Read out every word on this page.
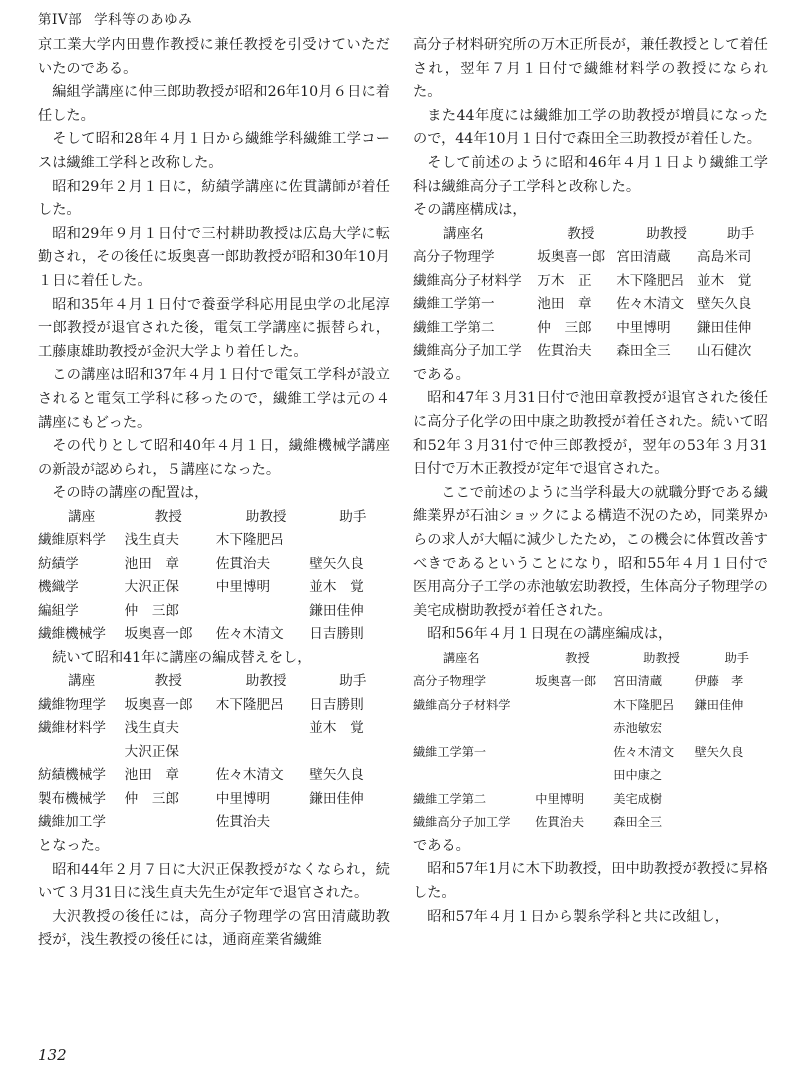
第IV部 学科等のあゆみ

京工業大学内田豊作教授に兼任教授を引受けていただいたのである。

編組学講座に仲三郎助教授が昭和26年10月６日に着任した。

そして昭和28年４月１日から繊維学科繊維工学コースは繊維工学科と改称した。

昭和29年２月１日に，紡績学講座に佐貫講師が着任した。

昭和29年９月１日付で三村耕助教授は広島大学に転勤され，その後任に坂奥喜一郎助教授が昭和30年10月１日に着任した。

昭和35年４月１日付で養蚕学科応用昆虫学の北尾淳一郎教授が退官された後，電気工学講座に振替られ，工藤康雄助教授が金沢大学より着任した。

この講座は昭和37年４月１日付で電気工学科が設立されると電気工学科に移ったので，繊維工学は元の４講座にもどった。

その代りとして昭和40年４月１日，繊維機械学講座の新設が認められ，５講座になった。

その時の講座の配置は，

講座	教授	助教授	助手
繊維原料学	浅生貞夫	木下隆肥呂	
紡績学	池田　章	佐貫治夫	壁矢久良
機織学	大沢正保	中里博明	並木　覚
編組学	仲　三郎		鎌田佳伸
繊維機械学	坂奥喜一郎	佐々木清文	日吉勝則

続いて昭和41年に講座の編成替えをし，

講座	教授	助教授	助手
繊維物理学	坂奥喜一郎	木下隆肥呂	日吉勝則
繊維材料学	浅生貞夫		並木　覚
	大沢正保		
紡績機械学	池田　章	佐々木清文	壁矢久良
製布機械学	仲　三郎	中里博明	鎌田佳伸
繊維加工学		佐貫治夫	

となった。

昭和44年２月７日に大沢正保教授がなくなられ，続いて３月31日に浅生貞夫先生が定年で退官された。

大沢教授の後任には，高分子物理学の宮田清蔵助教授が，浅生教授の後任には，通商産業省繊維

高分子材料研究所の万木正所長が，兼任教授として着任され，翌年７月１日付で繊維材料学の教授になられた。

また44年度には繊維加工学の助教授が増員になったので，44年10月１日付で森田全三助教授が着任した。

そして前述のように昭和46年４月１日より繊維工学科は繊維高分子工学科と改称した。

その講座構成は，

講座名	教授	助教授	助手
高分子物理学	坂奥喜一郎	宮田清蔵	高島米司
繊維高分子材料学	万木　正	木下隆肥呂	並木　覚
繊維工学第一	池田　章	佐々木清文	壁矢久良
繊維工学第二	仲　三郎	中里博明	鎌田佳伸
繊維高分子加工学	佐貫治夫	森田全三	山石健次

である。

昭和47年３月31日付で池田章教授が退官された後任に高分子化学の田中康之助教授が着任された。続いて昭和52年３月31付で仲三郎教授が，翌年の53年３月31日付で万木正教授が定年で退官された。

ここで前述のように当学科最大の就職分野である繊維業界が石油ショックによる構造不況のため，同業界からの求人が大幅に減少したため，この機会に体質改善すべきであるということになり，昭和55年４月１日付で医用高分子工学の赤池敏宏助教授，生体高分子物理学の美宅成樹助教授が着任された。

昭和56年４月１日現在の講座編成は，

講座名	教授	助教授	助手
高分子物理学	坂奥喜一郎	宮田清蔵	伊藤　孝
繊維高分子材料学		木下隆肥呂	鎌田佳伸
		赤池敏宏	
繊維工学第一		佐々木清文	壁矢久良
		田中康之	
繊維工学第二	中里博明	美宅成樹	
繊維高分子加工学	佐貫治夫	森田全三	

である。

昭和57年1月に木下助教授，田中助教授が教授に昇格した。

昭和57年４月１日から製糸学科と共に改組し，

132
